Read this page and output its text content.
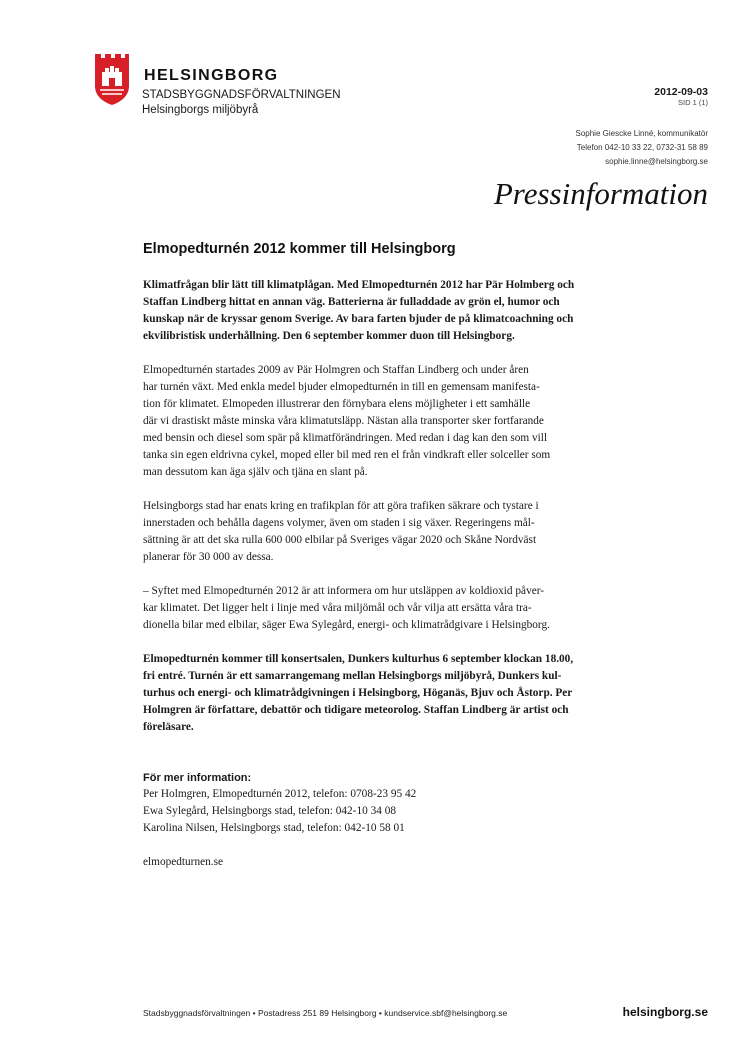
HELSINGBORG
STADSBYGGNADSFÖRVALTNINGEN
Helsingborgs miljöbyrå
2012-09-03
SID 1 (1)
Sophie Giescke Linné, kommunikatör
Telefon 042-10 33 22, 0732-31 58 89
sophie.linne@helsingborg.se
Pressinformation
Elmopedturnén 2012 kommer till Helsingborg

Klimatfrågan blir lätt till klimatplågan. Med Elmopedturnén 2012 har Pär Holmberg och
Staffan Lindberg hittat en annan väg. Batterierna är fulladdade av grön el, humor och
kunskap när de kryssar genom Sverige. Av bara farten bjuder de på klimatcoachning och
ekvilibristisk underhållning. Den 6 september kommer duon till Helsingborg.

Elmopedturnén startades 2009 av Pär Holmgren och Staffan Lindberg och under åren
har turnén växt. Med enkla medel bjuder elmopedturnén in till en gemensam manifesta-
tion för klimatet. Elmopeden illustrerar den förnybara elens möjligheter i ett samhälle
där vi drastiskt måste minska våra klimatutsläpp. Nästan alla transporter sker fortfarande
med bensin och diesel som spär på klimatförändringen. Med redan i dag kan den som vill
tanka sin egen eldrivna cykel, moped eller bil med ren el från vindkraft eller solceller som
man dessutom kan äga själv och tjäna en slant på.

Helsingborgs stad har enats kring en trafikplan för att göra trafiken säkrare och tystare i
innerstaden och behålla dagens volymer, även om staden i sig växer. Regeringens mål-
sättning är att det ska rulla 600 000 elbilar på Sveriges vägar 2020 och Skåne Nordväst
planerar för 30 000 av dessa.

– Syftet med Elmopedturnén 2012 är att informera om hur utsläppen av koldioxid påver-
kar klimatet. Det ligger helt i linje med våra miljömål och vår vilja att ersätta våra tra-
dionella bilar med elbilar, säger Ewa Sylegård, energi- och klimatrådgivare i Helsingborg.

Elmopedturnén kommer till konsertsalen, Dunkers kulturhus 6 september klockan 18.00,
fri entré. Turnén är ett samarrangemang mellan Helsingborgs miljöbyrå, Dunkers kul-
turhus och energi- och klimatrådgivningen i Helsingborg, Höganäs, Bjuv och Åstorp. Per
Holmgren är författare, debattör och tidigare meteorolog. Staffan Lindberg är artist och
föreläsare.

För mer information:
Per Holmgren, Elmopedturnén 2012, telefon: 0708-23 95 42
Ewa Sylegård, Helsingborgs stad, telefon: 042-10 34 08
Karolina Nilsen, Helsingborgs stad, telefon: 042-10 58 01
elmopedturnen.se
Stadsbyggnadsförvaltningen • Postadress 251 89 Helsingborg • kundservice.sbf@helsingborg.se	helsingborg.se
